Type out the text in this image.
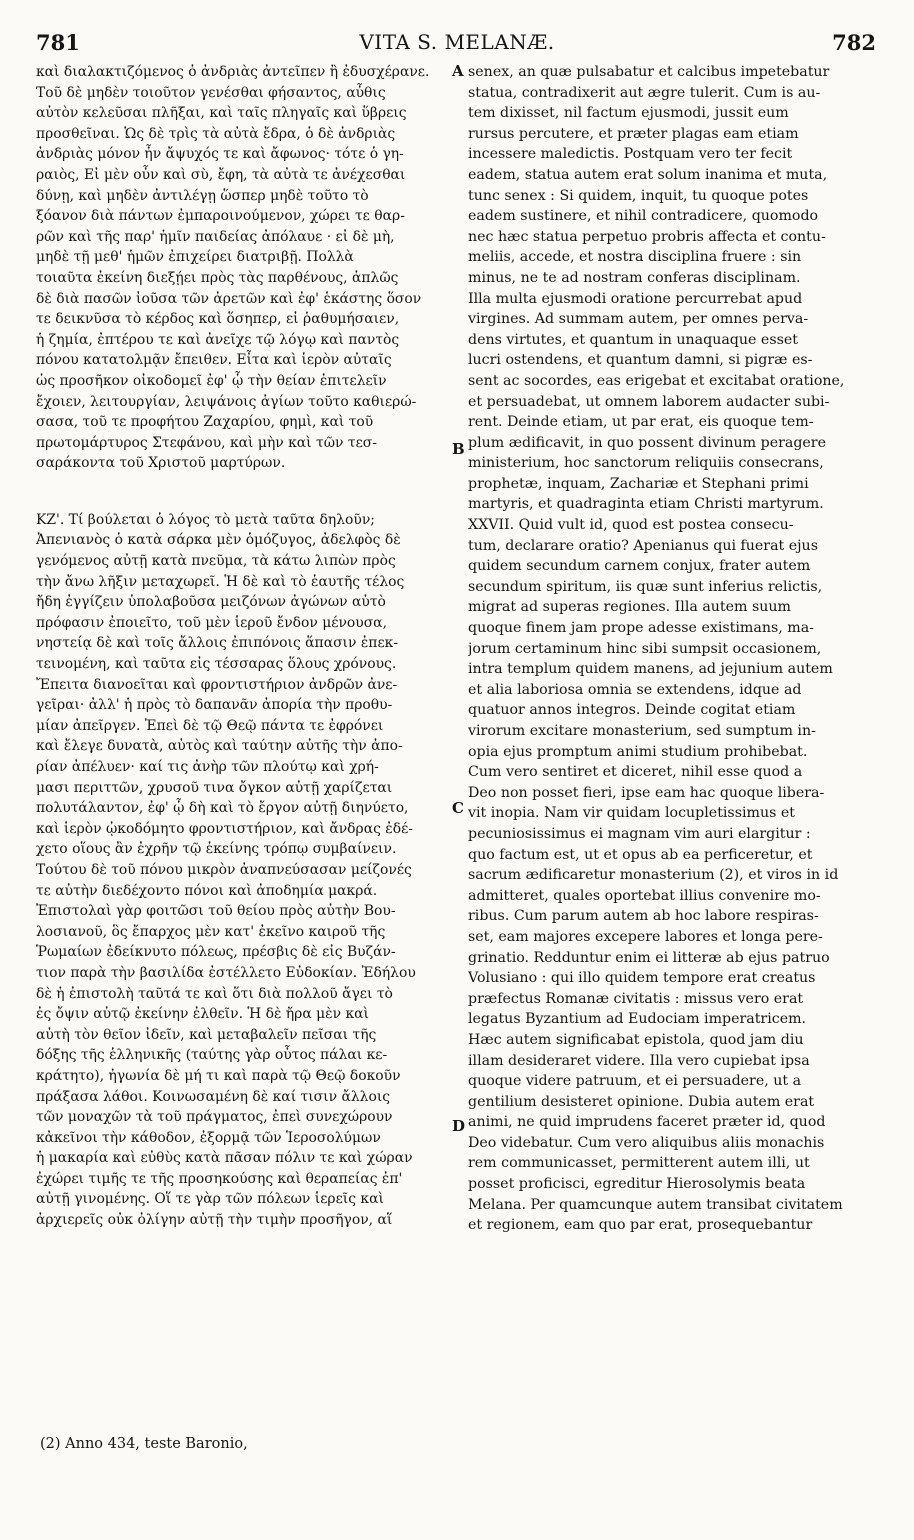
781	VITA S. MELANÆ.	782
καὶ διαλακτιζόμενος ὁ ἀνδριὰς ἀντεῖπεν ἢ ἐδυσχέρανε.
Τοῦ δὲ μηδὲν τοιοῦτον γενέσθαι φήσαντος, αὖθις
αὐτὸν κελεῦσαι πλῆξαι, καὶ ταῖς πληγαῖς καὶ ὕβρεις
προσθεῖναι. Ὡς δὲ τρὶς τὰ αὐτὰ ἔδρα, ὁ δὲ ἀνδριὰς
ἀνδριὰς μόνον ἦν ἄψυχός τε καὶ ἄφωνος· τότε ὁ γη-
ραιὸς, Εἰ μὲν οὖν καὶ σὺ, ἔφη, τὰ αὐτὰ τε ἀνέχεσθαι
δύνῃ, καὶ μηδὲν ἀντιλέγῃ ὥσπερ μηδὲ τοῦτο τὸ
ξόανον διὰ πάντων ἐμπαροινούμενον, χώρει τε θαρ-
ρῶν καὶ τῆς παρ' ἡμῖν παιδείας ἀπόλαυε · εἰ δὲ μὴ,
μηδὲ τῇ μεθ' ἡμῶν ἐπιχείρει διατριβῇ. Πολλὰ
τοιαῦτα ἐκείνη διεξῄει πρὸς τὰς παρθένους, ἁπλῶς
δὲ διὰ πασῶν ἰοῦσα τῶν ἀρετῶν καὶ ἐφ' ἑκάστης ὅσον
τε δεικνῦσα τὸ κέρδος καὶ ὅσηπερ, εἰ ῥαθυμήσαιεν,
ἡ ζημία, ἐπτέρου τε καὶ ἀνεῖχε τῷ λόγῳ καὶ παντὸς
πόνου κατατολμᾷν ἔπειθεν. Εἶτα καὶ ἱερὸν αὐταῖς
ὡς προσῆκον οἰκοδομεῖ ἐφ' ᾧ τὴν θείαν ἐπιτελεῖν
ἔχοιεν, λειτουργίαν, λειψάνοις ἁγίων τοῦτο καθιερώ-
σασα, τοῦ τε προφήτου Ζαχαρίου, φημὶ, καὶ τοῦ
πρωτομάρτυρος Στεφάνου, καὶ μὴν καὶ τῶν τεσ-
σαράκοντα τοῦ Χριστοῦ μαρτύρων.
ΚΖ'. Τί βούλεται ὁ λόγος τὸ μετὰ ταῦτα δηλοῦν;
Ἀπενιανὸς ὁ κατὰ σάρκα μὲν ὁμόζυγος, ἀδελφὸς δὲ
γενόμενος αὐτῇ κατὰ πνεῦμα, τὰ κάτω λιπὼν πρὸς
τὴν ἄνω λῆξιν μεταχωρεῖ. Ἡ δὲ καὶ τὸ ἑαυτῆς τέλος
ἤδη ἐγγίζειν ὑπολαβοῦσα μειζόνων ἀγώνων αὐτὸ
πρόφασιν ἐποιεῖτο, τοῦ μὲν ἱεροῦ ἔνδον μένουσα,
νηστείᾳ δὲ καὶ τοῖς ἄλλοις ἐπιπόνοις ἅπασιν ἐπεκ-
τεινομένη, καὶ ταῦτα εἰς τέσσαρας ὅλους χρόνους.
Ἔπειτα διανοεῖται καὶ φροντιστήριον ἀνδρῶν ἀνε-
γεῖραι· ἀλλ' ἡ πρὸς τὸ δαπανᾶν ἀπορία τὴν προθυ-
μίαν ἀπεῖργεν. Ἐπεὶ δὲ τῷ Θεῷ πάντα τε ἐφρόνει
καὶ ἔλεγε δυνατὰ, αὐτὸς καὶ ταύτην αὐτῆς τὴν ἀπο-
ρίαν ἀπέλυεν· καί τις ἀνὴρ τῶν πλούτῳ καὶ χρή-
μασι περιττῶν, χρυσοῦ τινα ὄγκον αὐτῇ χαρίζεται
πολυτάλαντον, ἐφ' ᾧ δὴ καὶ τὸ ἔργον αὐτῇ διηνύετο,
καὶ ἱερὸν ᾠκοδόμητο φροντιστήριον, καὶ ἄνδρας ἐδέ-
χετο οἵους ἂν ἐχρῆν τῷ ἐκείνης τρόπῳ συμβαίνειν.
Τούτου δὲ τοῦ πόνου μικρὸν ἀναπνεύσασαν μείζονές
τε αὐτὴν διεδέχοντο πόνοι καὶ ἀποδημία μακρά.
Ἐπιστολαὶ γὰρ φοιτῶσι τοῦ θείου πρὸς αὐτὴν Βου-
λοσιανοῦ, ὃς ἔπαρχος μὲν κατ' ἐκεῖνο καιροῦ τῆς
Ῥωμαίων ἐδείκνυτο πόλεως, πρέσβις δὲ εἰς Βυζάν-
τιον παρὰ τὴν βασιλίδα ἐστέλλετο Εὐδοκίαν. Ἐδήλου
δὲ ἡ ἐπιστολὴ ταῦτά τε καὶ ὅτι διὰ πολλοῦ ἄγει τὸ
ἐς ὄψιν αὐτῷ ἐκείνην ἐλθεῖν. Ἡ δὲ ἤρα μὲν καὶ
αὐτὴ τὸν θεῖον ἰδεῖν, καὶ μεταβαλεῖν πεῖσαι τῆς
δόξης τῆς ἑλληνικῆς (ταύτης γὰρ οὗτος πάλαι κε-
κράτητο), ἠγωνία δὲ μή τι καὶ παρὰ τῷ Θεῷ δοκοῦν
πράξασα λάθοι. Κοινωσαμένη δὲ καί τισιν ἄλλοις
τῶν μοναχῶν τὰ τοῦ πράγματος, ἐπεὶ συνεχώρουν
κἀκεῖνοι τὴν κάθοδον, ἐξορμᾷ τῶν Ἱεροσολύμων
ἡ μακαρία καὶ εὐθὺς κατὰ πᾶσαν πόλιν τε καὶ χώραν
ἐχώρει τιμῆς τε τῆς προσηκούσης καὶ θεραπείας ἐπ'
αὐτῇ γινομένης. Οἵ τε γὰρ τῶν πόλεων ἱερεῖς καὶ
ἀρχιερεῖς οὐκ ὀλίγην αὐτῇ τὴν τιμὴν προσῆγον, αἵ
senex, an quæ pulsabatur et calcibus impetebatur
statua, contradixerit aut ægre tulerit. Cum is au-
tem dixisset, nil factum ejusmodi, jussit eum
rursus percutere, et præter plagas eam etiam
incessere maledictis. Postquam vero ter fecit
eadem, statua autem erat solum inanima et muta,
tunc senex : Si quidem, inquit, tu quoque potes
eadem sustinere, et nihil contradicere, quomodo
nec hæc statua perpetuo probris affecta et contu-
meliis, accede, et nostra disciplina fruere : sin
minus, ne te ad nostram conferas disciplinam.
Illa multa ejusmodi oratione percurrebat apud
virgines. Ad summam autem, per omnes perva-
dens virtutes, et quantum in unaquaque esset
lucri ostendens, et quantum damni, si pigræ es-
sent ac socordes, eas erigebat et excitabat oratione,
et persuadebat, ut omnem laborem audacter subi-
rent. Deinde etiam, ut par erat, eis quoque tem-
plum ædificavit, in quo possent divinum peragere
ministerium, hoc sanctorum reliquiis consecrans,
prophetæ, inquam, Zachariæ et Stephani primi
martyris, et quadraginta etiam Christi martyrum.
XXVII. Quid vult id, quod est postea consecu-
tum, declarare oratio? Apenianus qui fuerat ejus
quidem secundum carnem conjux, frater autem
secundum spiritum, iis quæ sunt inferius relictis,
migrat ad superas regiones. Illa autem suum
quoque finem jam prope adesse existimans, ma-
jorum certaminum hinc sibi sumpsit occasionem,
intra templum quidem manens, ad jejunium autem
et alia laboriosa omnia se extendens, idque ad
quatuor annos integros. Deinde cogitat etiam
virorum excitare monasterium, sed sumptum in-
opia ejus promptum animi studium prohibebat.
Cum vero sentiret et diceret, nihil esse quod a
Deo non posset fieri, ipse eam hac quoque libera-
vit inopia. Nam vir quidam locupletissimus et
pecuniosissimus ei magnam vim auri elargitur :
quo factum est, ut et opus ab ea perficeretur, et
sacrum ædificaretur monasterium (2), et viros in id
admitteret, quales oportebat illius convenire mo-
ribus. Cum parum autem ab hoc labore respiras-
set, eam majores excepere labores et longa pere-
grinatio. Redduntur enim ei litteræ ab ejus patruo
Volusiano : qui illo quidem tempore erat creatus
præfectus Romanæ civitatis : missus vero erat
legatus Byzantium ad Eudociam imperatricem.
Hæc autem significabat epistola, quod jam diu
illam desideraret videre. Illa vero cupiebat ipsa
quoque videre patruum, et ei persuadere, ut a
gentilium desisteret opinione. Dubia autem erat
animi, ne quid imprudens faceret præter id, quod
Deo videbatur. Cum vero aliquibus aliis monachis
rem communicasset, permitterent autem illi, ut
posset proficisci, egreditur Hierosolymis beata
Melana. Per quamcunque autem transibat civitatem
et regionem, eam quo par erat, prosequebantur
A
B
C
D
(2) Anno 434, teste Baronio,
